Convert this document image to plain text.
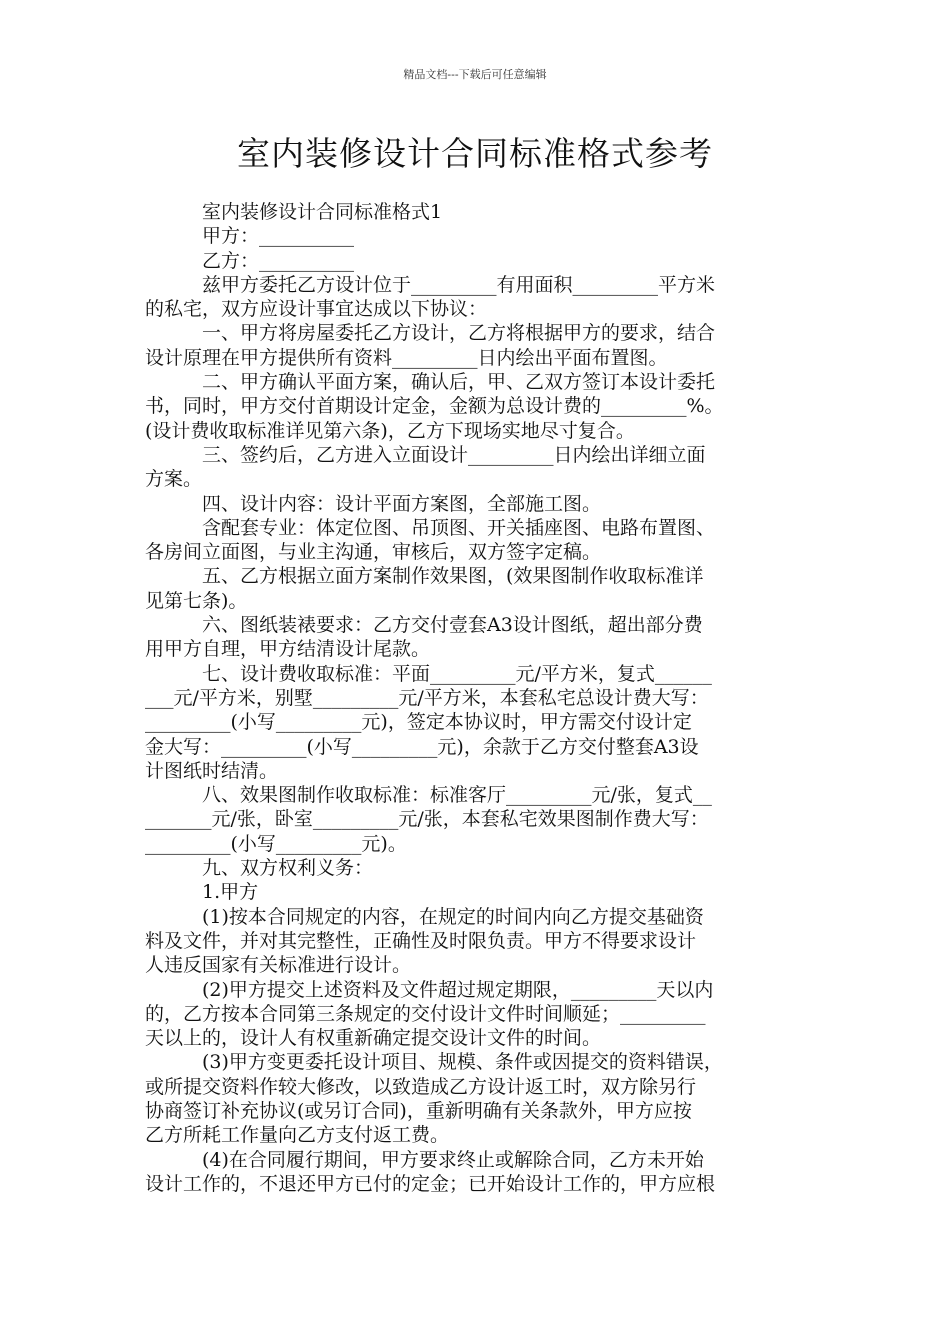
精品文档---下载后可任意编辑
室内装修设计合同标准格式参考
　　　室内装修设计合同标准格式1
　　　甲方：__________
　　　乙方：__________
　　　兹甲方委托乙方设计位于_________有用面积_________平方米
的私宅，双方应设计事宜达成以下协议：
　　　一、甲方将房屋委托乙方设计，乙方将根据甲方的要求，结合
设计原理在甲方提供所有资料_________日内绘出平面布置图。
　　　二、甲方确认平面方案，确认后，甲、乙双方签订本设计委托
书，同时，甲方交付首期设计定金，金额为总设计费的_________%。
(设计费收取标准详见第六条)，乙方下现场实地尽寸复合。
　　　三、签约后，乙方进入立面设计_________日内绘出详细立面
方案。
　　　四、设计内容：设计平面方案图，全部施工图。
　　　含配套专业：体定位图、吊顶图、开关插座图、电路布置图、
各房间立面图，与业主沟通，审核后，双方签字定稿。
　　　五、乙方根据立面方案制作效果图，(效果图制作收取标准详
见第七条)。
　　　六、图纸装裱要求：乙方交付壹套A3设计图纸，超出部分费
用甲方自理，甲方结清设计尾款。
　　　七、设计费收取标准：平面_________元/平方米，复式______
___元/平方米，别墅_________元/平方米，本套私宅总设计费大写：
_________(小写_________元)，签定本协议时，甲方需交付设计定
金大写：_________(小写_________元)，余款于乙方交付整套A3设
计图纸时结清。
　　　八、效果图制作收取标准：标准客厅_________元/张，复式__
_______元/张，卧室_________元/张，本套私宅效果图制作费大写：
_________(小写_________元)。
　　　九、双方权利义务：
　　　1.甲方
　　　(1)按本合同规定的内容，在规定的时间内向乙方提交基础资
料及文件，并对其完整性，正确性及时限负责。甲方不得要求设计
人违反国家有关标准进行设计。
　　　(2)甲方提交上述资料及文件超过规定期限，_________天以内
的，乙方按本合同第三条规定的交付设计文件时间顺延；_________
天以上的，设计人有权重新确定提交设计文件的时间。
　　　(3)甲方变更委托设计项目、规模、条件或因提交的资料错误，
或所提交资料作较大修改，以致造成乙方设计返工时，双方除另行
协商签订补充协议(或另订合同)，重新明确有关条款外，甲方应按
乙方所耗工作量向乙方支付返工费。
　　　(4)在合同履行期间，甲方要求终止或解除合同，乙方未开始
设计工作的，不退还甲方已付的定金；已开始设计工作的，甲方应根
